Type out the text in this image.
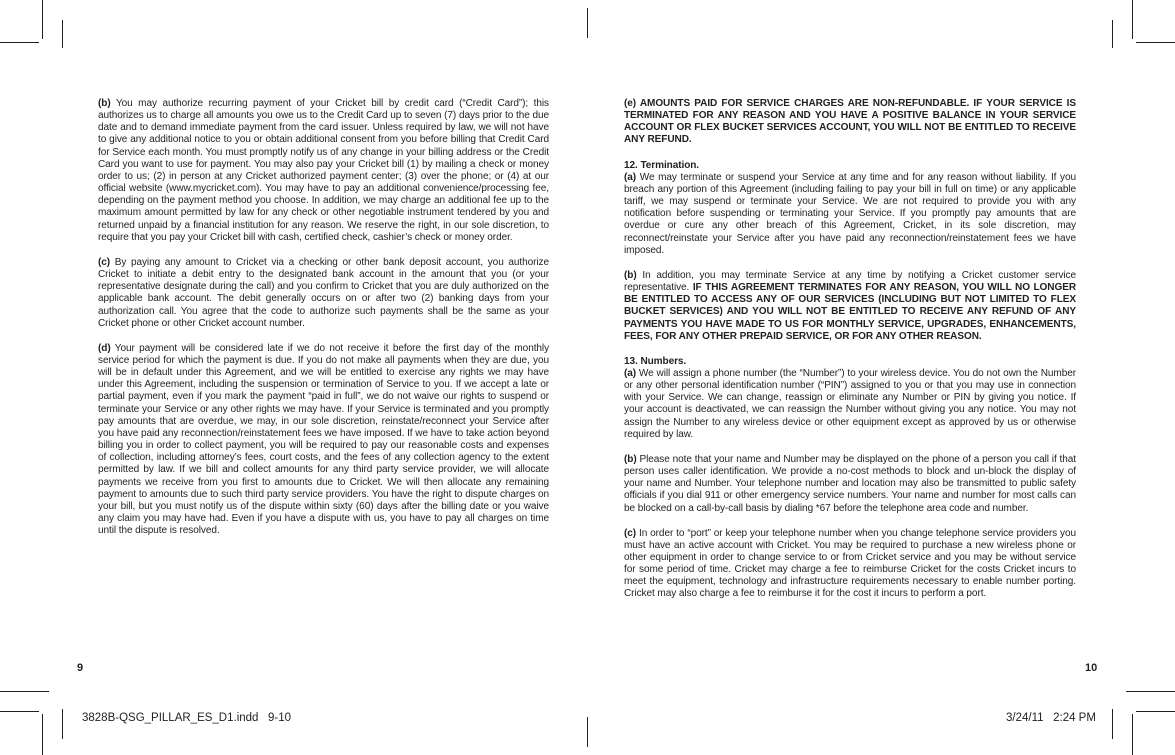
(b) You may authorize recurring payment of your Cricket bill by credit card (“Credit Card”); this authorizes us to charge all amounts you owe us to the Credit Card up to seven (7) days prior to the due date and to demand immediate payment from the card issuer. Unless required by law, we will not have to give any additional notice to you or obtain additional consent from you before billing that Credit Card for Service each month. You must promptly notify us of any change in your billing address or the Credit Card you want to use for payment. You may also pay your Cricket bill (1) by mailing a check or money order to us; (2) in person at any Cricket authorized payment center; (3) over the phone; or (4) at our official website (www.mycricket.com). You may have to pay an additional convenience/processing fee, depending on the payment method you choose. In addition, we may charge an additional fee up to the maximum amount permitted by law for any check or other negotiable instrument tendered by you and returned unpaid by a financial institution for any reason. We reserve the right, in our sole discretion, to require that you pay your Cricket bill with cash, certified check, cashier’s check or money order.

(c) By paying any amount to Cricket via a checking or other bank deposit account, you authorize Cricket to initiate a debit entry to the designated bank account in the amount that you (or your representative designate during the call) and you confirm to Cricket that you are duly authorized on the applicable bank account. The debit generally occurs on or after two (2) banking days from your authorization call. You agree that the code to authorize such payments shall be the same as your Cricket phone or other Cricket account number.

(d) Your payment will be considered late if we do not receive it before the first day of the monthly service period for which the payment is due. If you do not make all payments when they are due, you will be in default under this Agreement, and we will be entitled to exercise any rights we may have under this Agreement, including the suspension or termination of Service to you. If we accept a late or partial payment, even if you mark the payment “paid in full”, we do not waive our rights to suspend or terminate your Service or any other rights we may have. If your Service is terminated and you promptly pay amounts that are overdue, we may, in our sole discretion, reinstate/reconnect your Service after you have paid any reconnection/reinstatement fees we have imposed. If we have to take action beyond billing you in order to collect payment, you will be required to pay our reasonable costs and expenses of collection, including attorney’s fees, court costs, and the fees of any collection agency to the extent permitted by law. If we bill and collect amounts for any third party service provider, we will allocate payments we receive from you first to amounts due to Cricket. We will then allocate any remaining payment to amounts due to such third party service providers. You have the right to dispute charges on your bill, but you must notify us of the dispute within sixty (60) days after the billing date or you waive any claim you may have had. Even if you have a dispute with us, you have to pay all charges on time until the dispute is resolved.

(e) AMOUNTS PAID FOR SERVICE CHARGES ARE NON-REFUNDABLE. IF YOUR SERVICE IS TERMINATED FOR ANY REASON AND YOU HAVE A POSITIVE BALANCE IN YOUR SERVICE ACCOUNT OR FLEX BUCKET SERVICES ACCOUNT, YOU WILL NOT BE ENTITLED TO RECEIVE ANY REFUND.

12. Termination.

(a) We may terminate or suspend your Service at any time and for any reason without liability. If you breach any portion of this Agreement (including failing to pay your bill in full on time) or any applicable tariff, we may suspend or terminate your Service. We are not required to provide you with any notification before suspending or terminating your Service. If you promptly pay amounts that are overdue or cure any other breach of this Agreement, Cricket, in its sole discretion, may reconnect/reinstate your Service after you have paid any reconnection/reinstatement fees we have imposed.

(b) In addition, you may terminate Service at any time by notifying a Cricket customer service representative. IF THIS AGREEMENT TERMINATES FOR ANY REASON, YOU WILL NO LONGER BE ENTITLED TO ACCESS ANY OF OUR SERVICES (INCLUDING BUT NOT LIMITED TO FLEX BUCKET SERVICES) AND YOU WILL NOT BE ENTITLED TO RECEIVE ANY REFUND OF ANY PAYMENTS YOU HAVE MADE TO US FOR MONTHLY SERVICE, UPGRADES, ENHANCEMENTS, FEES, FOR ANY OTHER PREPAID SERVICE, OR FOR ANY OTHER REASON.

13. Numbers.

(a) We will assign a phone number (the “Number”) to your wireless device. You do not own the Number or any other personal identification number (“PIN”) assigned to you or that you may use in connection with your Service. We can change, reassign or eliminate any Number or PIN by giving you notice. If your account is deactivated, we can reassign the Number without giving you any notice. You may not assign the Number to any wireless device or other equipment except as approved by us or otherwise required by law.

(b) Please note that your name and Number may be displayed on the phone of a person you call if that person uses caller identification. We provide a no-cost methods to block and un-block the display of your name and Number. Your telephone number and location may also be transmitted to public safety officials if you dial 911 or other emergency service numbers. Your name and number for most calls can be blocked on a call-by-call basis by dialing *67 before the telephone area code and number.

(c) In order to “port” or keep your telephone number when you change telephone service providers you must have an active account with Cricket. You may be required to purchase a new wireless phone or other equipment in order to change service to or from Cricket service and you may be without service for some period of time. Cricket may charge a fee to reimburse Cricket for the costs Cricket incurs to meet the equipment, technology and infrastructure requirements necessary to enable number porting. Cricket may also charge a fee to reimburse it for the cost it incurs to perform a port.

9	10
3828B-QSG_PILLAR_ES_D1.indd   9-10	3/24/11   2:24 PM
